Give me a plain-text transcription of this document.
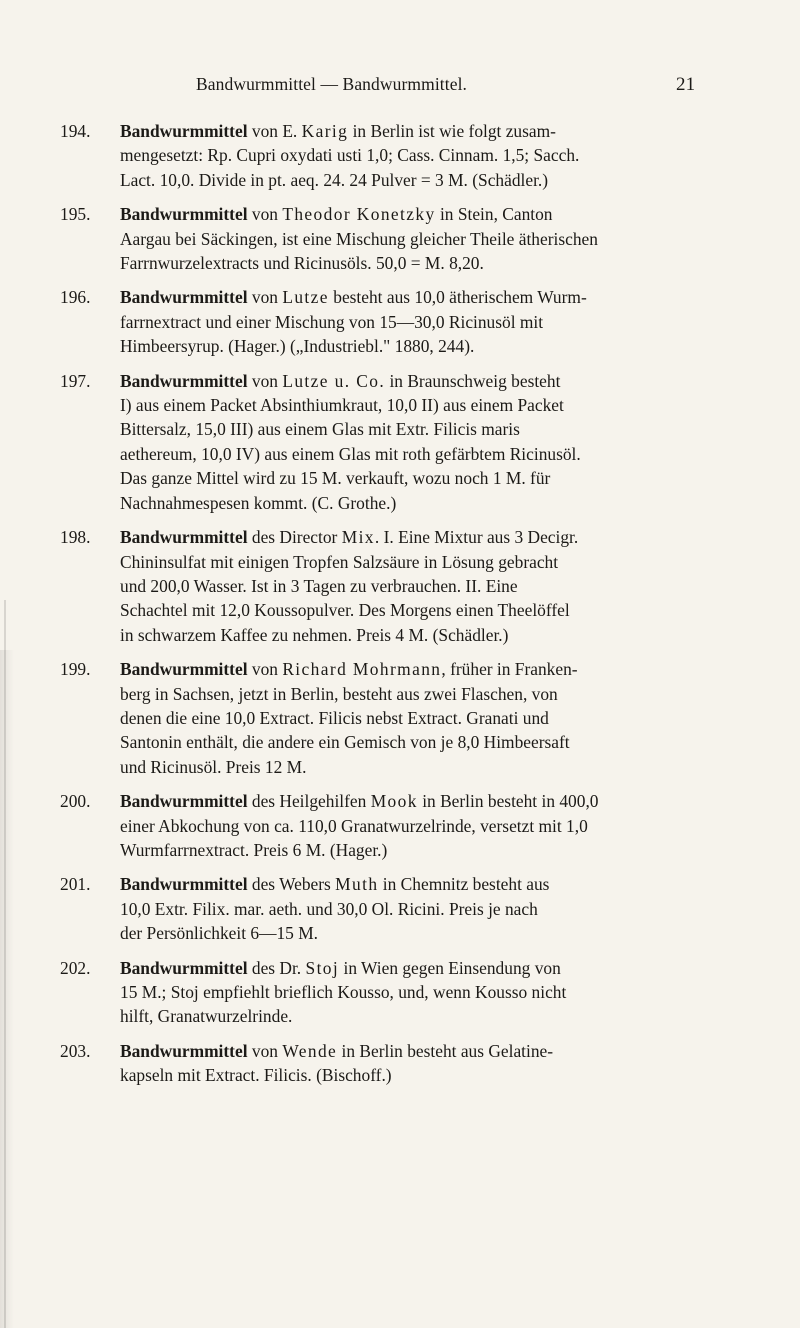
Bandwurmmittel — Bandwurmmittel.	21
194. Bandwurmmittel von E. Karig in Berlin ist wie folgt zusam-
mengesetzt: Rp. Cupri oxydati usti 1,0; Cass. Cinnam. 1,5; Sacch.
Lact. 10,0. Divide in pt. aeq. 24. 24 Pulver = 3 M. (Schädler.)
195. Bandwurmmittel von Theodor Konetzky in Stein, Canton
Aargau bei Säckingen, ist eine Mischung gleicher Theile ätherischen
Farrnwurzelextracts und Ricinusöls. 50,0 = M. 8,20.
196. Bandwurmmittel von Lutze besteht aus 10,0 ätherischem Wurm-
farrnextract und einer Mischung von 15—30,0 Ricinusöl mit
Himbeersyrup. (Hager.) („Industriebl." 1880, 244).
197. Bandwurmmittel von Lutze u. Co. in Braunschweig besteht
I) aus einem Packet Absinthiumkraut, 10,0 II) aus einem Packet
Bittersalz, 15,0 III) aus einem Glas mit Extr. Filicis maris
aethereum, 10,0 IV) aus einem Glas mit roth gefärbtem Ricinusöl.
Das ganze Mittel wird zu 15 M. verkauft, wozu noch 1 M. für
Nachnahmespesen kommt. (C. Grothe.)
198. Bandwurmmittel des Director Mix. I. Eine Mixtur aus 3 Decigr.
Chininsulfat mit einigen Tropfen Salzsäure in Lösung gebracht
und 200,0 Wasser. Ist in 3 Tagen zu verbrauchen. II. Eine
Schachtel mit 12,0 Koussopulver. Des Morgens einen Theelöffel
in schwarzem Kaffee zu nehmen. Preis 4 M. (Schädler.)
199. Bandwurmmittel von Richard Mohrmann, früher in Franken-
berg in Sachsen, jetzt in Berlin, besteht aus zwei Flaschen, von
denen die eine 10,0 Extract. Filicis nebst Extract. Granati und
Santonin enthält, die andere ein Gemisch von je 8,0 Himbeersaft
und Ricinusöl. Preis 12 M.
200. Bandwurmmittel des Heilgehilfen Mook in Berlin besteht in 400,0
einer Abkochung von ca. 110,0 Granatwurzelrinde, versetzt mit 1,0
Wurmfarrnextract. Preis 6 M. (Hager.)
201. Bandwurmmittel des Webers Muth in Chemnitz besteht aus
10,0 Extr. Filix. mar. aeth. und 30,0 Ol. Ricini. Preis je nach
der Persönlichkeit 6—15 M.
202. Bandwurmmittel des Dr. Stoj in Wien gegen Einsendung von
15 M.; Stoj empfiehlt brieflich Kousso, und, wenn Kousso nicht
hilft, Granatwurzelrinde.
203. Bandwurmmittel von Wende in Berlin besteht aus Gelatine-
kapseln mit Extract. Filicis. (Bischoff.)
